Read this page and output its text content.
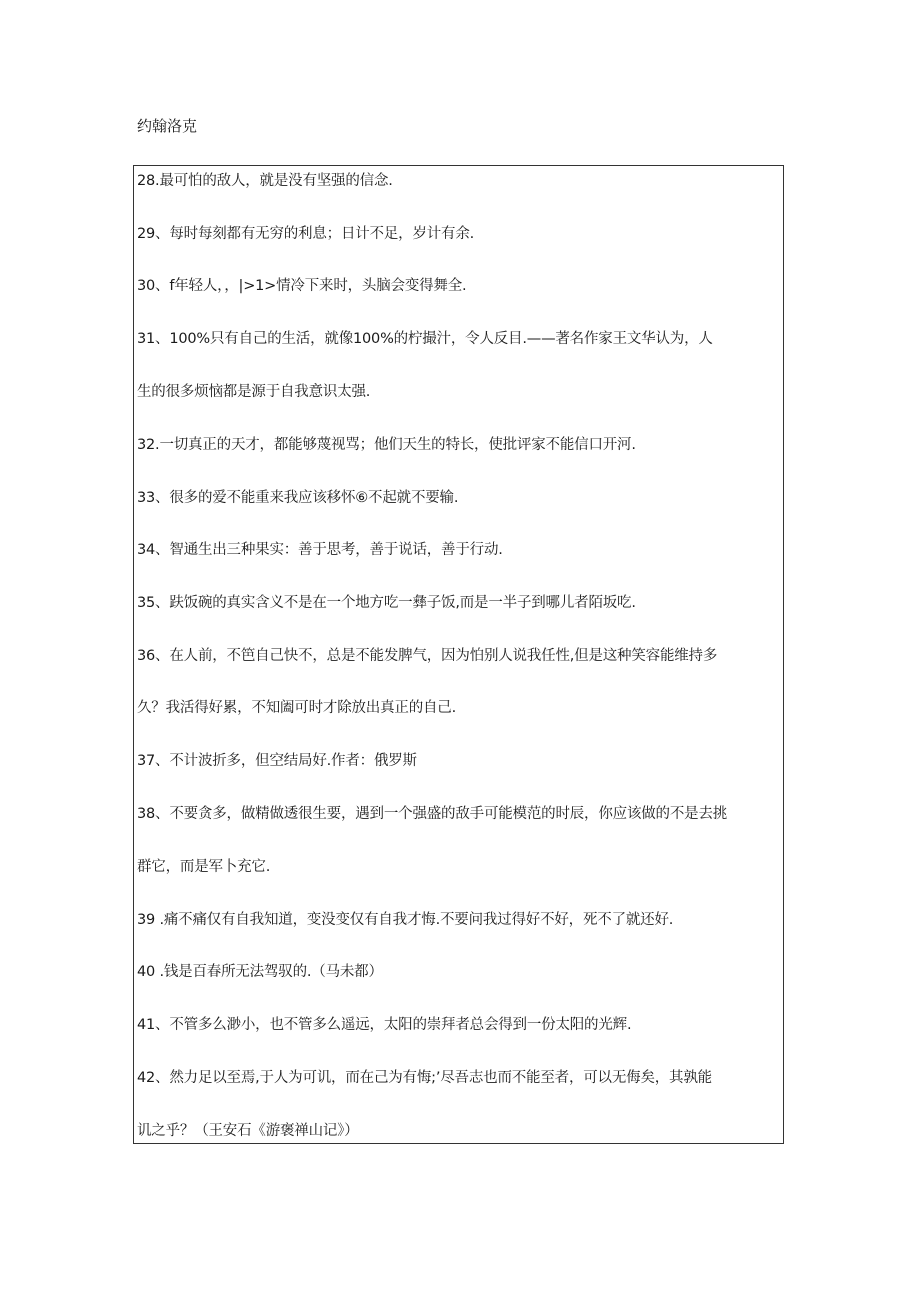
约翰洛克
28.最可怕的敌人，就是没有坚强的信念.
29、每时每刻都有无穷的利息；日计不足，岁计有余.
30、f年轻人，，|>1>情冷下来时，头脑会变得舞全.
31、100%只有自己的生活，就像100%的柠撮汁，令人反目.——著名作家王文华认为，人
生的很多烦恼都是源于自我意识太强.
32.一切真正的天才，都能够蔑视骂；他们天生的特长，使批评家不能信口开河.
33、很多的爱不能重来我应该移怀⑥不起就不要输.
34、智通生出三种果实：善于思考，善于说话，善于行动.
35、趺饭碗的真实含义不是在一个地方吃一彝子饭,而是一半子到哪儿者陌坂吃.
36、在人前，不笆自己快不，总是不能发脾气，因为怕别人说我任性,但是这种笑容能维持多
久？我活得好累，不知阖可时才除放出真正的自己.
37、不计波折多，但空结局好.作者：俄罗斯
38、不要贪多，做精做透很生要，遇到一个强盛的敌手可能模范的时辰，你应该做的不是去挑
群它，而是军卜充它.
39 .痛不痛仅有自我知道，变没变仅有自我才悔.不要问我过得好不好，死不了就还好.
40 .钱是百春所无法驾驭的.（马未都）
41、不管多么渺小，也不管多么遥远，太阳的崇拜者总会得到一份太阳的光辉.
42、然力足以至焉,于人为可讥，而在己为有悔;’尽吾志也而不能至者，可以无侮矣，其孰能
讥之乎？（王安石《游褒禅山记》）
